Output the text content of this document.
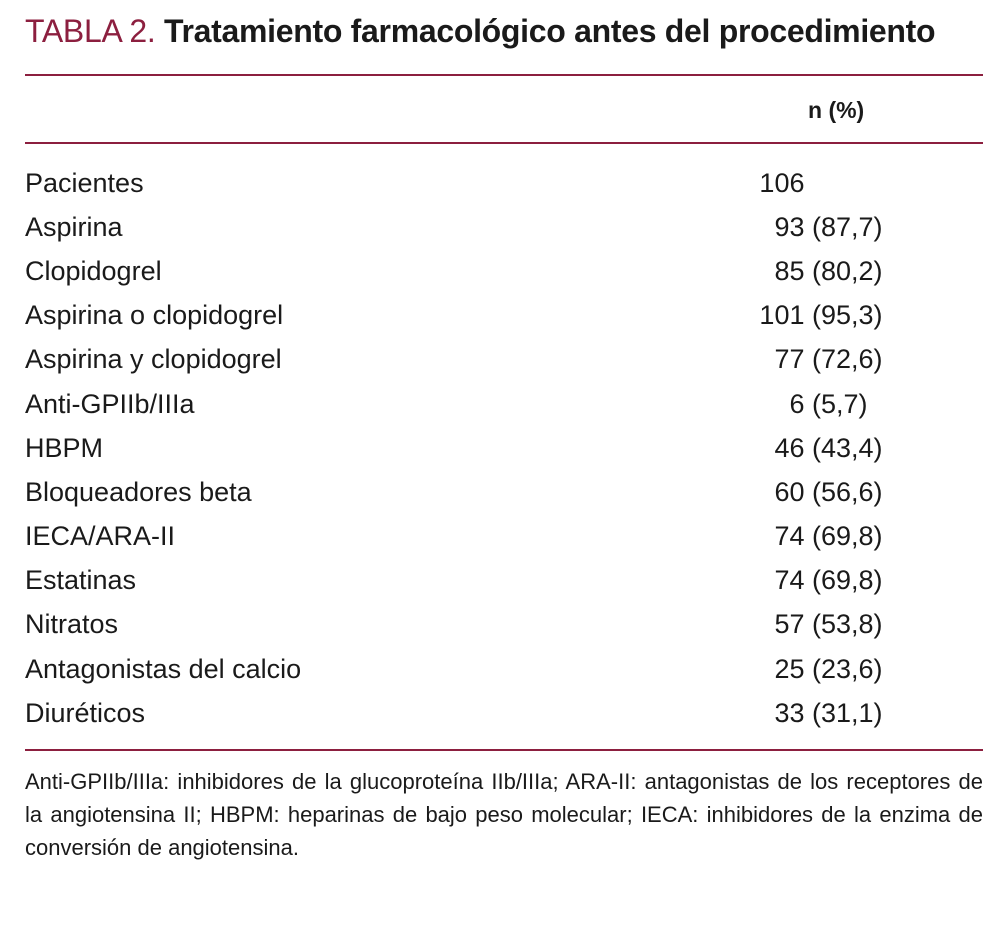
TABLA 2. Tratamiento farmacológico antes del procedimiento
n (%)
Pacientes	106
Aspirina	93 (87,7)
Clopidogrel	85 (80,2)
Aspirina o clopidogrel	101 (95,3)
Aspirina y clopidogrel	77 (72,6)
Anti-GPIIb/IIIa	6 (5,7)
HBPM	46 (43,4)
Bloqueadores beta	60 (56,6)
IECA/ARA-II	74 (69,8)
Estatinas	74 (69,8)
Nitratos	57 (53,8)
Antagonistas del calcio	25 (23,6)
Diuréticos	33 (31,1)

Anti-GPIIb/IIIa: inhibidores de la glucoproteína IIb/IIIa; ARA-II: antagonistas de los receptores de la angiotensina II; HBPM: heparinas de bajo peso molecular; IECA: inhibidores de la enzima de conversión de angiotensina.
